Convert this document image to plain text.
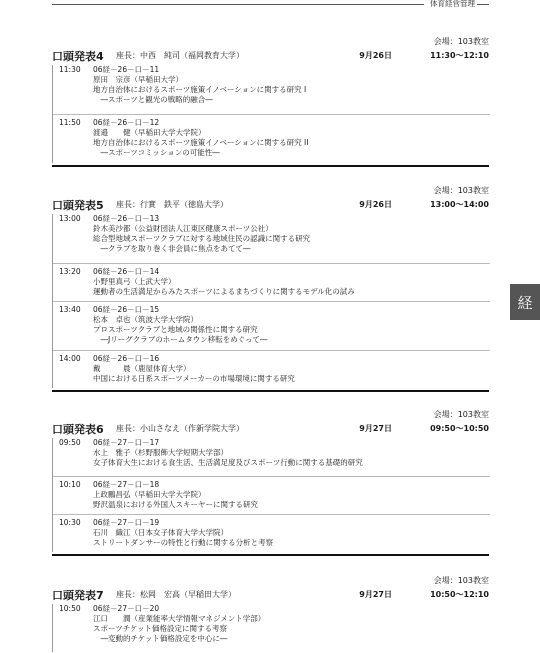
体育経営管理
経
会場：103教室
口頭発表4 座長：中西　純司（福岡教育大学）	9月26日	11:30〜12:10
11:30 06経－26－口－11
原田　宗彦（早稲田大学）
地方自治体におけるスポーツ施策イノベーションに関する研究 I
　―スポーツと観光の戦略的融合―
11:50 06経－26－口－12
渡邉　　健（早稲田大学大学院）
地方自治体におけるスポーツ施策イノベーションに関する研究 II
　―スポーツコミッションの可能性―
会場：103教室
口頭発表5 座長：行實　鉄平（徳島大学）	9月26日	13:00〜14:00
13:00 06経－26－口－13
鈴木美沙都（公益財団法人江東区健康スポーツ公社）
総合型地域スポーツクラブに対する地域住民の認識に関する研究
　―クラブを取り巻く非会員に焦点をあてて―
13:20 06経－26－口－14
小野里真弓（上武大学）
運動者の生活満足からみたスポーツによるまちづくりに関するモデル化の試み
13:40 06経－26－口－15
松本　卓也（筑波大学大学院）
プロスポーツクラブと地域の関係性に関する研究
　―Jリーグクラブのホームタウン移転をめぐって―
14:00 06経－26－口－16
戴　　　晨（鹿屋体育大学）
中国における日系スポーツメーカーの市場環境に関する研究
会場：103教室
口頭発表6 座長：小山さなえ（作新学院大学）	9月27日	09:50〜10:50
09:50 06経－27－口－17
水上　雅子（杉野服飾大学短期大学部）
女子体育大生における食生活、生活満足度及びスポーツ行動に関する基礎的研究
10:10 06経－27－口－18
上政鵬昌弘（早稲田大学大学院）
野沢温泉における外国人スキーヤーに関する研究
10:30 06経－27－口－19
石川　織江（日本女子体育大学大学院）
ストリートダンサーの特性と行動に関する分析と考察
会場：103教室
口頭発表7 座長：松岡　宏高（早稲田大学）	9月27日	10:50〜12:10
10:50 06経－27－口－20
江口　　潤（産業能率大学情報マネジメント学部）
スポーツチケット価格設定に関する考察
　―変動的チケット価格設定を中心に―
